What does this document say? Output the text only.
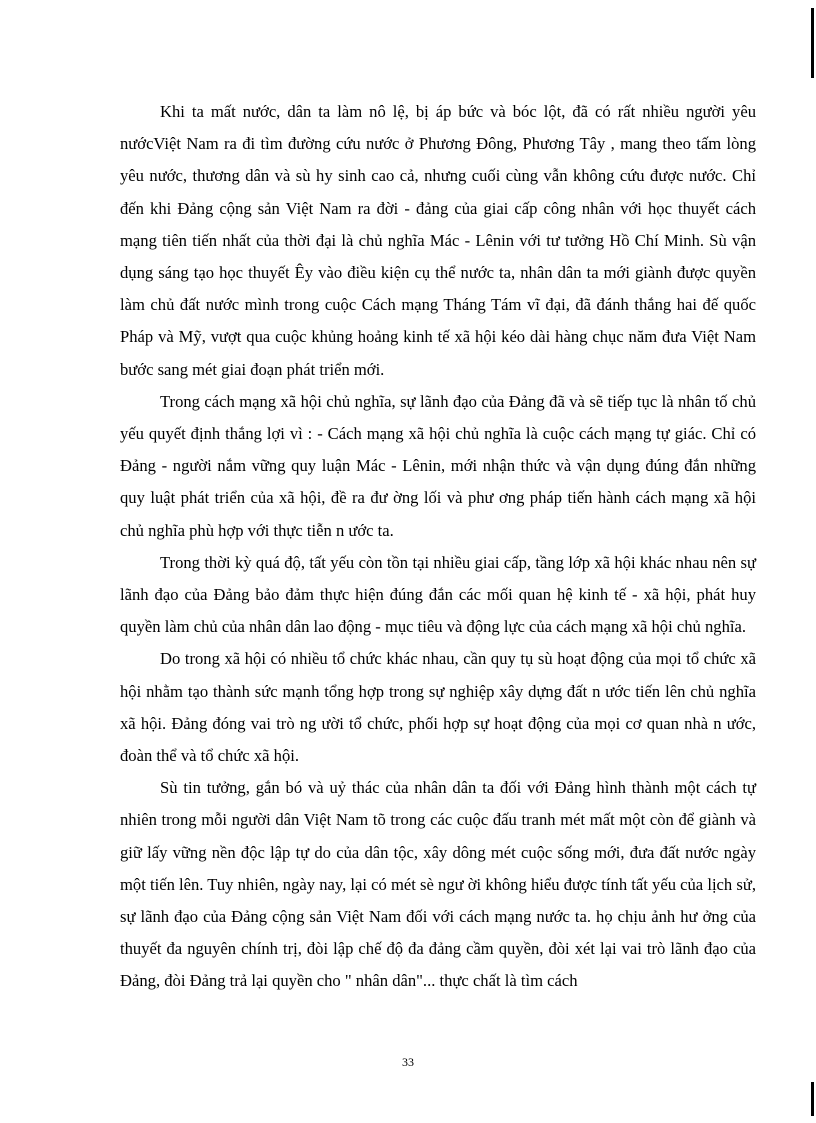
Khi ta mất nước, dân ta làm nô lệ, bị áp bức và bóc lột, đã có rất nhiều người yêu nướcViệt Nam ra đi tìm đường cứu nước ở Phương Đông, Phương Tây , mang theo tấm lòng yêu nước, thương dân và sù hy sinh cao cả, nhưng cuối cùng vẫn không cứu được nước. Chỉ đến khi Đảng cộng sản Việt Nam ra đời - đảng của giai cấp công nhân với học thuyết cách mạng tiên tiến nhất của thời đại là chủ nghĩa Mác - Lênin với tư tưởng Hồ Chí Minh. Sù vận dụng sáng tạo học thuyết Êy vào điều kiện cụ thể nước ta, nhân dân ta mới giành được quyền làm chủ đất nước mình trong cuộc Cách mạng Tháng Tám vĩ đại, đã đánh thắng hai đế quốc Pháp và Mỹ, vượt qua cuộc khủng hoảng kinh tế xã hội kéo dài hàng chục năm đưa Việt Nam bước sang mét giai đoạn phát triển mới.

Trong cách mạng xã hội chủ nghĩa, sự lãnh đạo của Đảng đã và sẽ tiếp tục là nhân tố chủ yếu quyết định thắng lợi vì : - Cách mạng xã hội chủ nghĩa là cuộc cách mạng tự giác. Chỉ có Đảng - người nắm vững quy luận Mác - Lênin, mới nhận thức và vận dụng đúng đắn những quy luật phát triển của xã hội, đề ra đư ờng lối và phư ơng pháp tiến hành cách mạng xã hội chủ nghĩa phù hợp với thực tiễn n ước ta.

Trong thời kỳ quá độ, tất yếu còn tồn tại nhiều giai cấp, tầng lớp xã hội khác nhau nên sự lãnh đạo của Đảng bảo đảm thực hiện đúng đắn các mối quan hệ kinh tế - xã hội, phát huy quyền làm chủ của nhân dân lao động - mục tiêu và động lực của cách mạng xã hội chủ nghĩa.

Do trong xã hội có nhiều tổ chức khác nhau, cần quy tụ sù hoạt động của mọi tổ chức xã hội nhằm tạo thành sức mạnh tổng hợp trong sự nghiệp xây dựng đất n ước tiến lên chủ nghĩa xã hội. Đảng đóng vai trò ng ười tổ chức, phối hợp sự hoạt động của mọi cơ quan nhà n ước, đoàn thể và tổ chức xã hội.

Sù tin tưởng, gắn bó và uỷ thác của nhân dân ta đối với Đảng hình thành một cách tự nhiên trong mỗi người dân Việt Nam tõ trong các cuộc đấu tranh mét mất một còn để giành và giữ lấy vững nền độc lập tự do của dân tộc, xây dông mét cuộc sống mới, đưa đất nước ngày một tiến lên. Tuy nhiên, ngày nay, lại có mét sè ngư ời không hiểu được tính tất yếu của lịch sử, sự lãnh đạo của Đảng cộng sản Việt Nam đối với cách mạng nước ta. họ chịu ảnh hư ởng của thuyết đa nguyên chính trị, đòi lập chế độ đa đảng cầm quyền, đòi xét lại vai trò lãnh đạo của Đảng, đòi Đảng trả lại quyền cho " nhân dân"... thực chất là tìm cách

33
